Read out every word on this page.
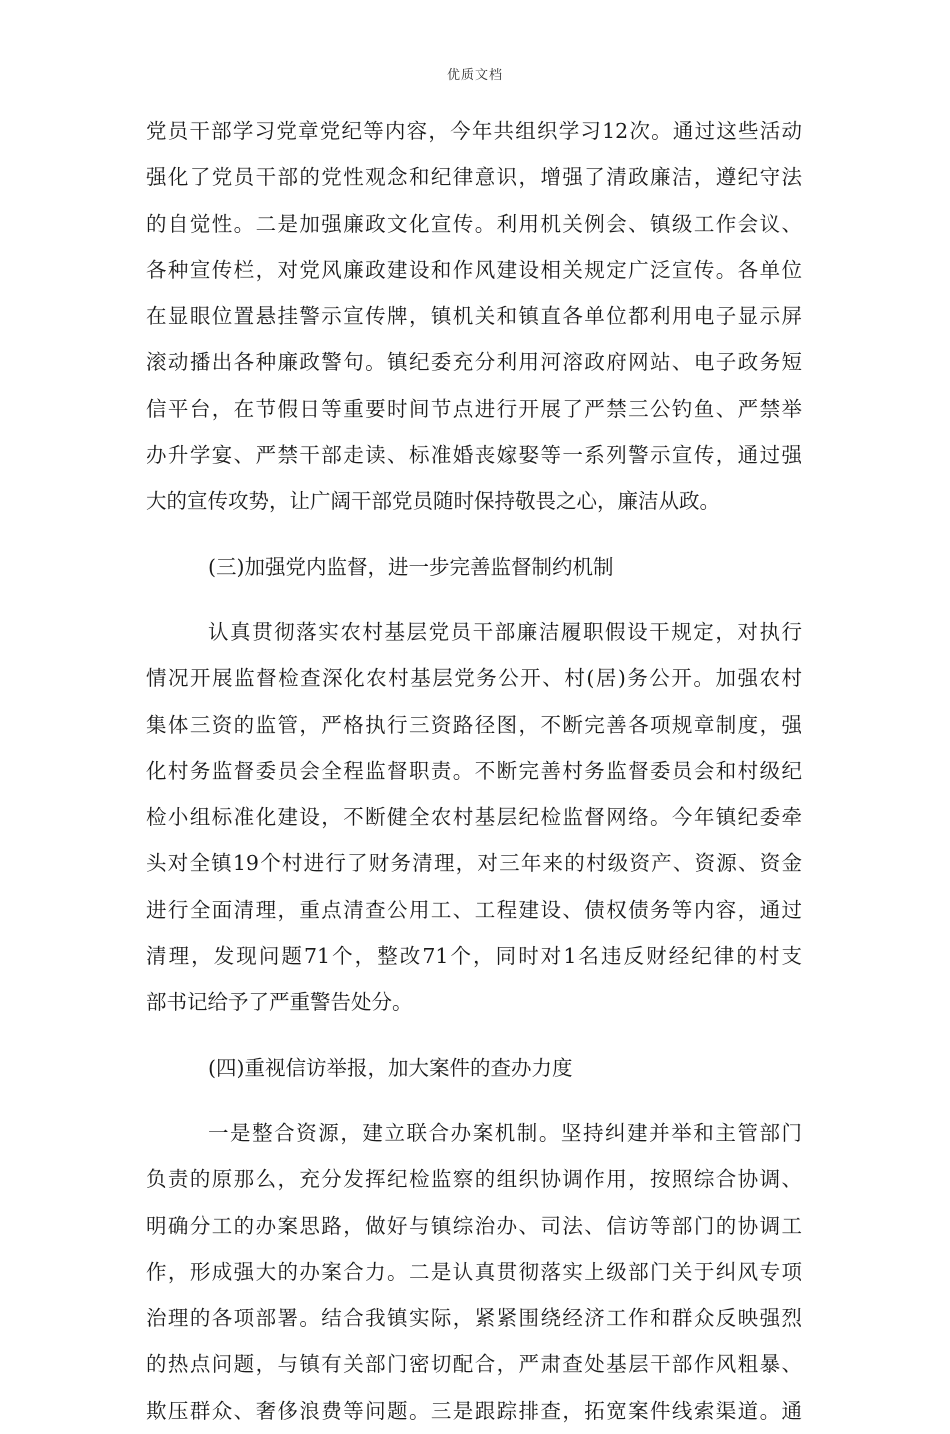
优质文档
党员干部学习党章党纪等内容，今年共组织学习12次。通过这些活动
强化了党员干部的党性观念和纪律意识，增强了清政廉洁，遵纪守法
的自觉性。二是加强廉政文化宣传。利用机关例会、镇级工作会议、
各种宣传栏，对党风廉政建设和作风建设相关规定广泛宣传。各单位
在显眼位置悬挂警示宣传牌，镇机关和镇直各单位都利用电子显示屏
滚动播出各种廉政警句。镇纪委充分利用河溶政府网站、电子政务短
信平台，在节假日等重要时间节点进行开展了严禁三公钓鱼、严禁举
办升学宴、严禁干部走读、标准婚丧嫁娶等一系列警示宣传，通过强
大的宣传攻势，让广阔干部党员随时保持敬畏之心，廉洁从政。
(三)加强党内监督，进一步完善监督制约机制
认真贯彻落实农村基层党员干部廉洁履职假设干规定，对执行
情况开展监督检查深化农村基层党务公开、村(居)务公开。加强农村
集体三资的监管，严格执行三资路径图，不断完善各项规章制度，强
化村务监督委员会全程监督职责。不断完善村务监督委员会和村级纪
检小组标准化建设，不断健全农村基层纪检监督网络。今年镇纪委牵
头对全镇19个村进行了财务清理，对三年来的村级资产、资源、资金
进行全面清理，重点清查公用工、工程建设、债权债务等内容，通过
清理，发现问题71个，整改71个，同时对1名违反财经纪律的村支
部书记给予了严重警告处分。
(四)重视信访举报，加大案件的查办力度
一是整合资源，建立联合办案机制。坚持纠建并举和主管部门
负责的原那么，充分发挥纪检监察的组织协调作用，按照综合协调、
明确分工的办案思路，做好与镇综治办、司法、信访等部门的协调工
作，形成强大的办案合力。二是认真贯彻落实上级部门关于纠风专项
治理的各项部署。结合我镇实际，紧紧围绕经济工作和群众反映强烈
的热点问题，与镇有关部门密切配合，严肃查处基层干部作风粗暴、
欺压群众、奢侈浪费等问题。三是跟踪排查，拓宽案件线索渠道。通
